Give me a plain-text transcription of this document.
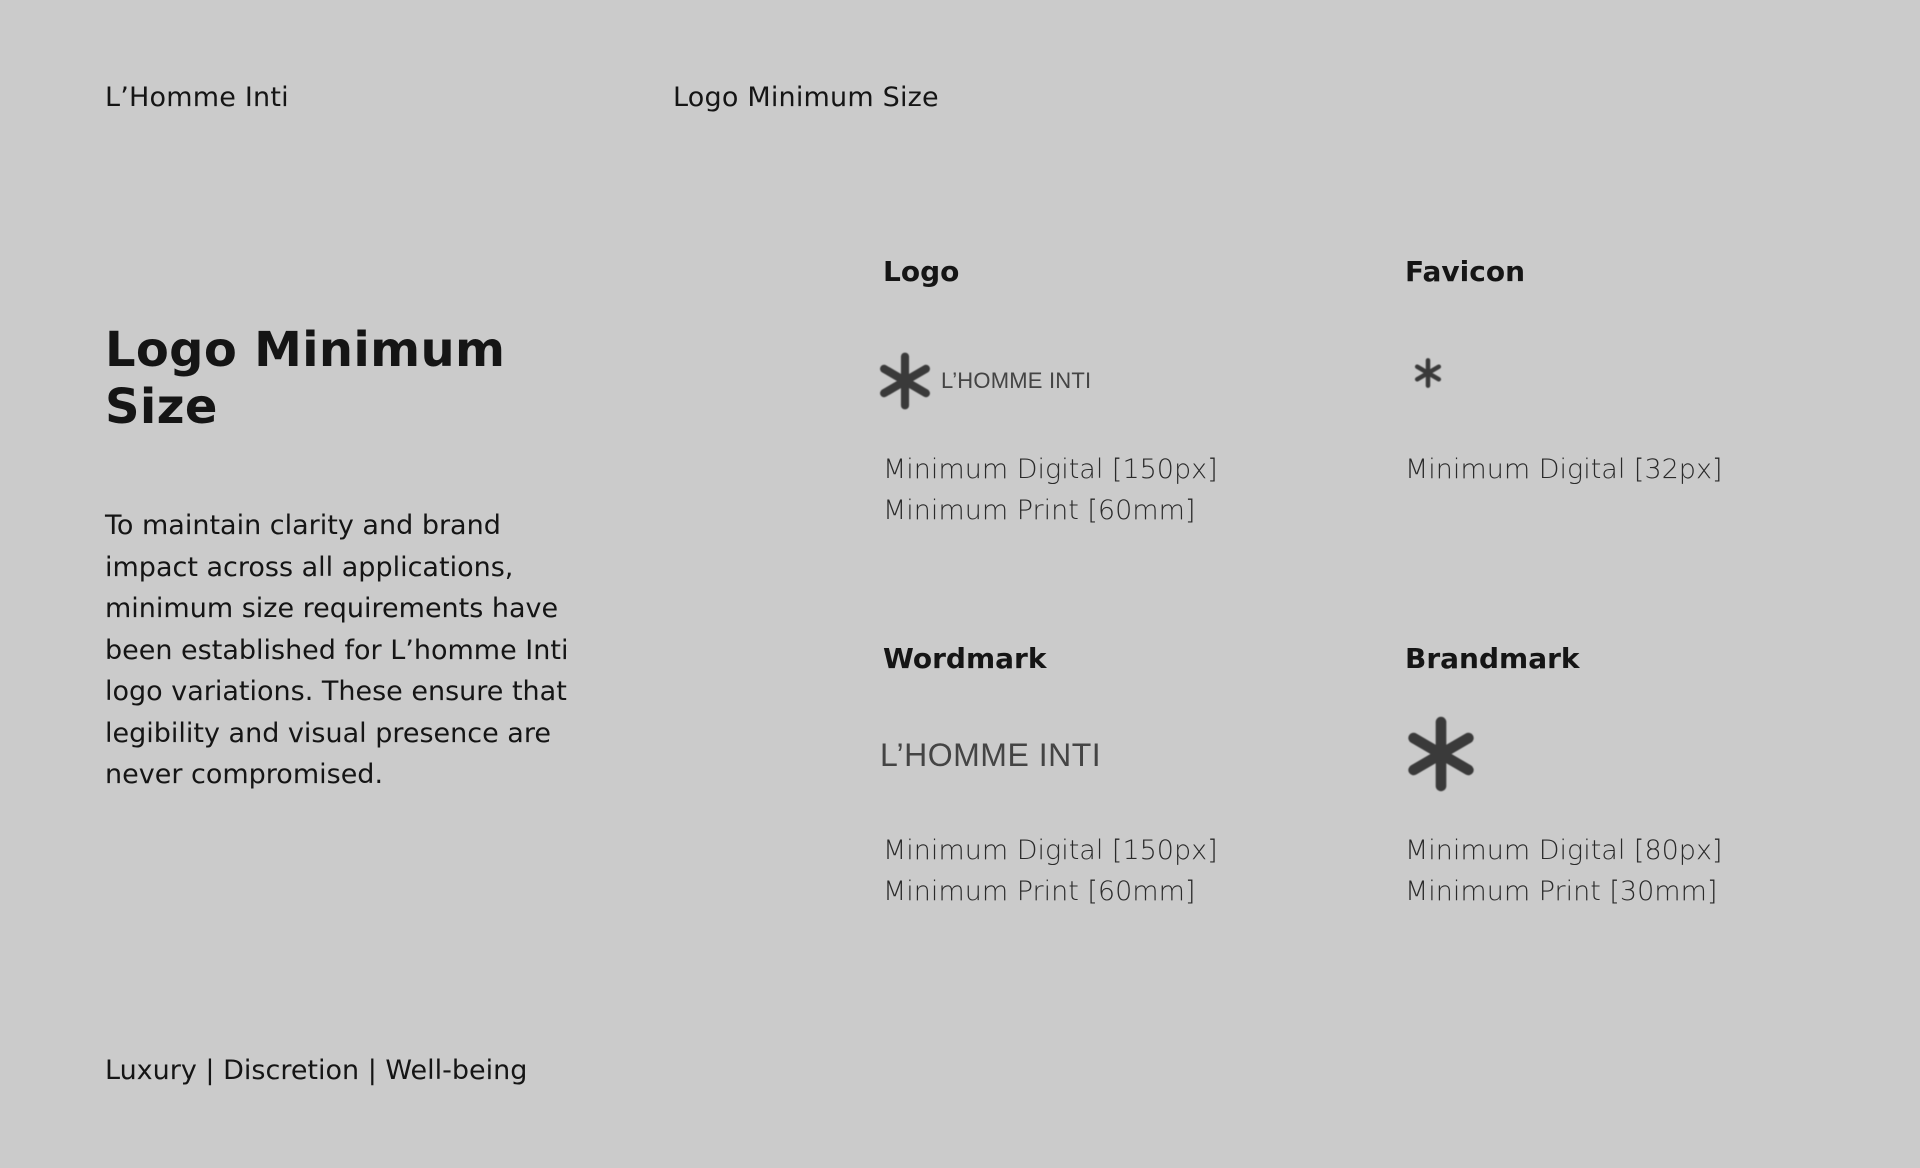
L’Homme Inti	Logo Minimum Size
Logo Minimum Size

To maintain clarity and brand impact across all applications, minimum size requirements have been established for L’homme Inti logo variations. These ensure that legibility and visual presence are never compromised.

Logo
L’HOMME INTI
Minimum Digital [150px]
Minimum Print [60mm]
Favicon
Minimum Digital [32px]
Wordmark
L’HOMME INTI
Minimum Digital [150px]
Minimum Print [60mm]
Brandmark
Minimum Digital [80px]
Minimum Print [30mm]
Luxury | Discretion | Well-being
